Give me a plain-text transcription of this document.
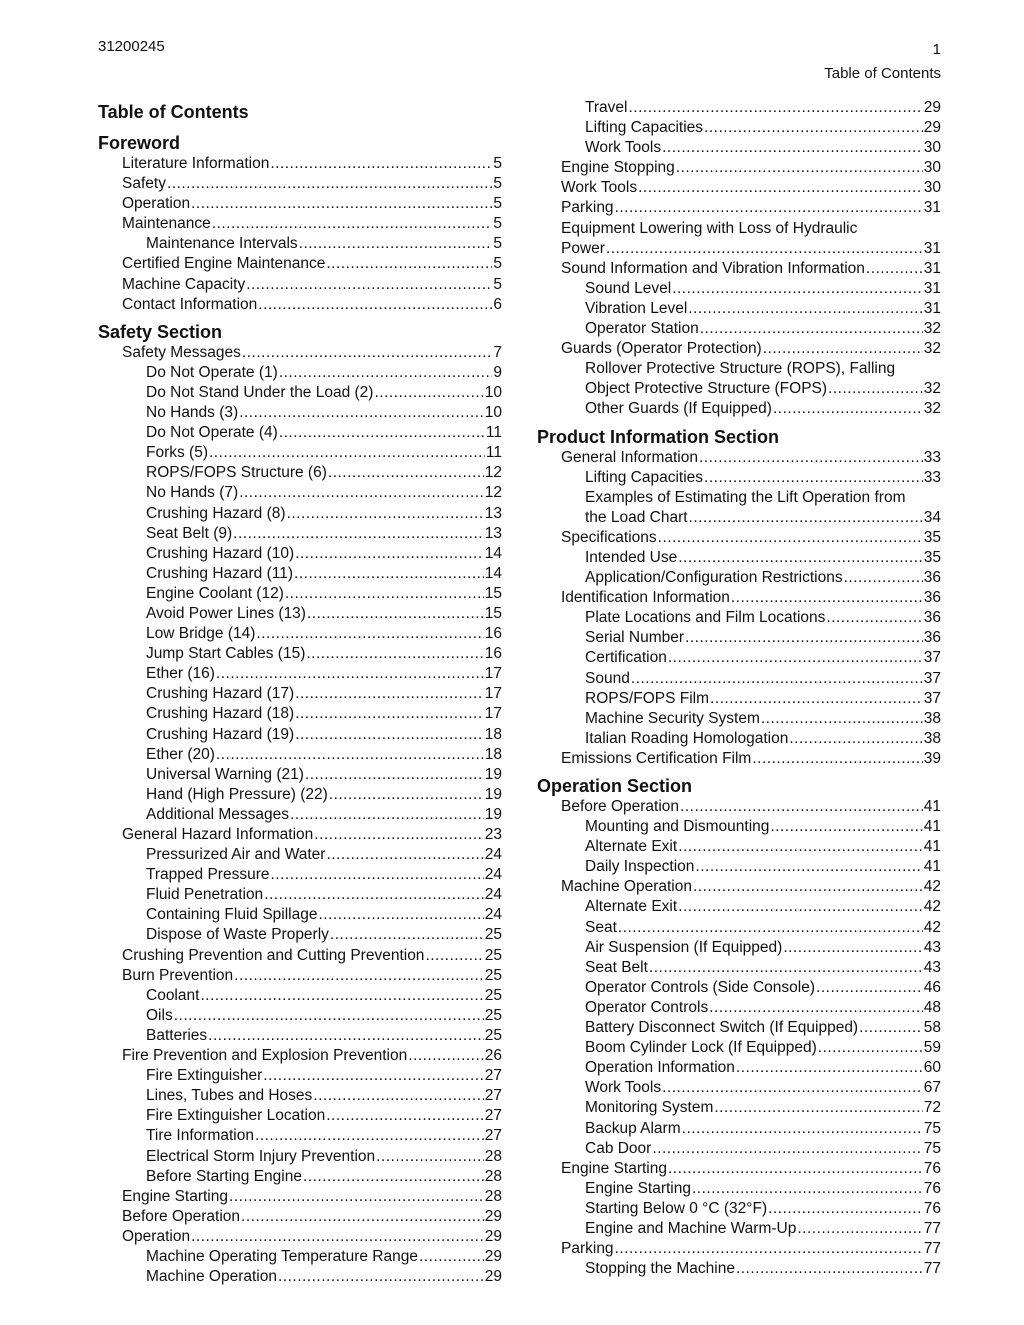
31200245	1
Table of Contents
Table of Contents
Foreword
Literature Information .....	5
Safety .....	5
Operation .....	5
Maintenance .....	5
Maintenance Intervals .....	5
Certified Engine Maintenance .....	5
Machine Capacity .....	5
Contact Information .....	6
Safety Section
Safety Messages .....	7
Do Not Operate (1) .....	9
Do Not Stand Under the Load (2) .....	10
No Hands (3) .....	10
Do Not Operate (4) .....	11
Forks (5) .....	11
ROPS/FOPS Structure (6) .....	12
No Hands (7) .....	12
Crushing Hazard (8) .....	13
Seat Belt (9) .....	13
Crushing Hazard (10) .....	14
Crushing Hazard (11) .....	14
Engine Coolant (12) .....	15
Avoid Power Lines (13) .....	15
Low Bridge (14) .....	16
Jump Start Cables (15) .....	16
Ether (16) .....	17
Crushing Hazard (17) .....	17
Crushing Hazard (18) .....	17
Crushing Hazard (19) .....	18
Ether (20) .....	18
Universal Warning (21) .....	19
Hand (High Pressure) (22) .....	19
Additional Messages .....	19
General Hazard Information .....	23
Pressurized Air and Water .....	24
Trapped Pressure .....	24
Fluid Penetration .....	24
Containing Fluid Spillage .....	24
Dispose of Waste Properly .....	25
Crushing Prevention and Cutting Prevention .....	25
Burn Prevention .....	25
Coolant .....	25
Oils .....	25
Batteries .....	25
Fire Prevention and Explosion Prevention .....	26
Fire Extinguisher .....	27
Lines, Tubes and Hoses .....	27
Fire Extinguisher Location .....	27
Tire Information .....	27
Electrical Storm Injury Prevention .....	28
Before Starting Engine .....	28
Engine Starting .....	28
Before Operation .....	29
Operation .....	29
Machine Operating Temperature Range .....	29
Machine Operation .....	29
Travel .....	29
Lifting Capacities .....	29
Work Tools .....	30
Engine Stopping .....	30
Work Tools .....	30
Parking .....	31
Equipment Lowering with Loss of Hydraulic
Power .....	31
Sound Information and Vibration Information .....	31
Sound Level .....	31
Vibration Level .....	31
Operator Station .....	32
Guards (Operator Protection) .....	32
Rollover Protective Structure (ROPS), Falling
Object Protective Structure (FOPS) .....	32
Other Guards (If Equipped) .....	32
Product Information Section
General Information .....	33
Lifting Capacities .....	33
Examples of Estimating the Lift Operation from
the Load Chart .....	34
Specifications .....	35
Intended Use .....	35
Application/Configuration Restrictions .....	36
Identification Information .....	36
Plate Locations and Film Locations .....	36
Serial Number .....	36
Certification .....	37
Sound .....	37
ROPS/FOPS Film .....	37
Machine Security System .....	38
Italian Roading Homologation .....	38
Emissions Certification Film .....	39
Operation Section
Before Operation .....	41
Mounting and Dismounting .....	41
Alternate Exit .....	41
Daily Inspection .....	41
Machine Operation .....	42
Alternate Exit .....	42
Seat .....	42
Air Suspension (If Equipped) .....	43
Seat Belt .....	43
Operator Controls (Side Console) .....	46
Operator Controls .....	48
Battery Disconnect Switch (If Equipped) .....	58
Boom Cylinder Lock (If Equipped) .....	59
Operation Information .....	60
Work Tools .....	67
Monitoring System .....	72
Backup Alarm .....	75
Cab Door .....	75
Engine Starting .....	76
Engine Starting .....	76
Starting Below 0 °C (32°F) .....	76
Engine and Machine Warm-Up .....	77
Parking .....	77
Stopping the Machine .....	77
